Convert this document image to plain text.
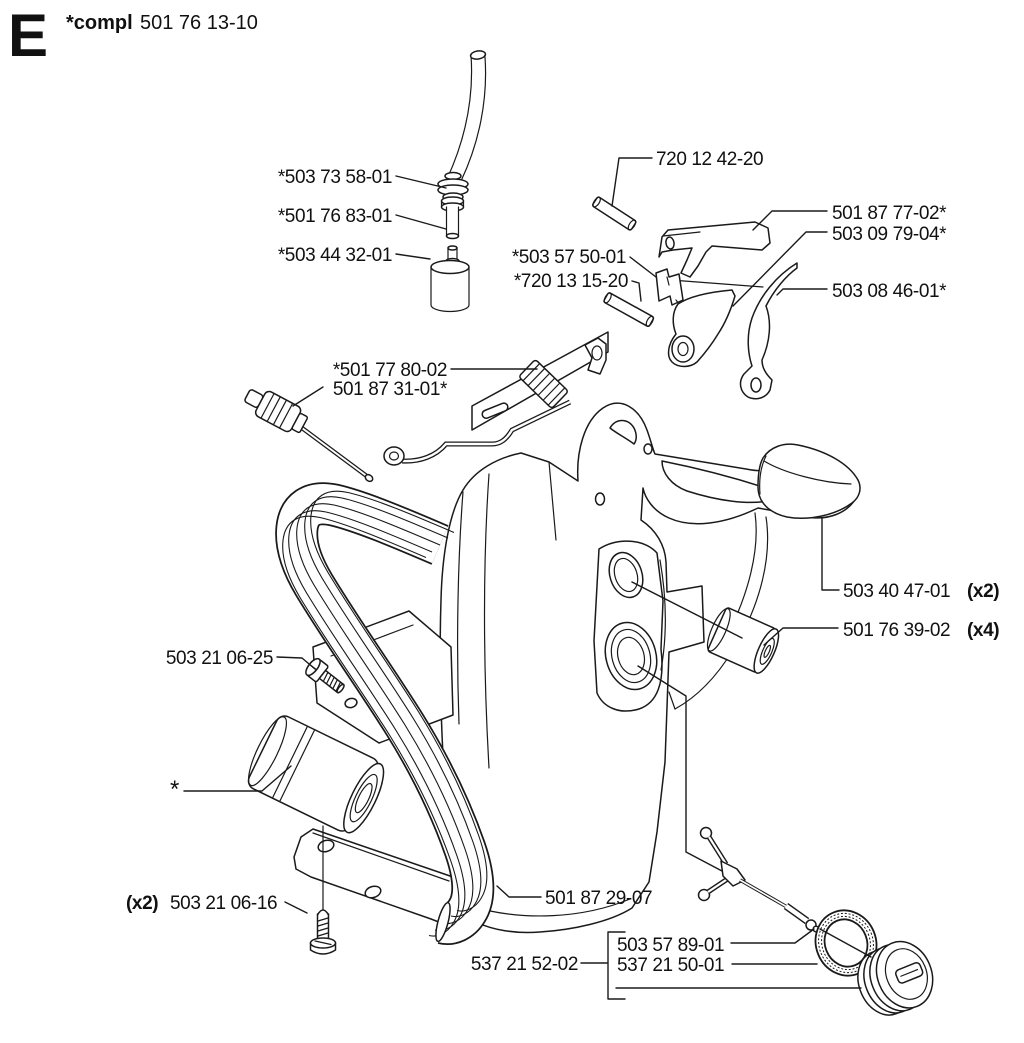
E *compl 501 76 13-10
*503 73 58-01
*501 76 83-01
*503 44 32-01
720 12 42-20
501 87 77-02*
503 09 79-04*
503 08 46-01*
*503 57 50-01
*720 13 15-20
*501 77 80-02
501 87 31-01*
503 40 47-01 (x2)
501 76 39-02 (x4)
503 21 06-25
*
(x2) 503 21 06-16	501 87 29-07
503 57 89-01
537 21 50-01
537 21 52-02
